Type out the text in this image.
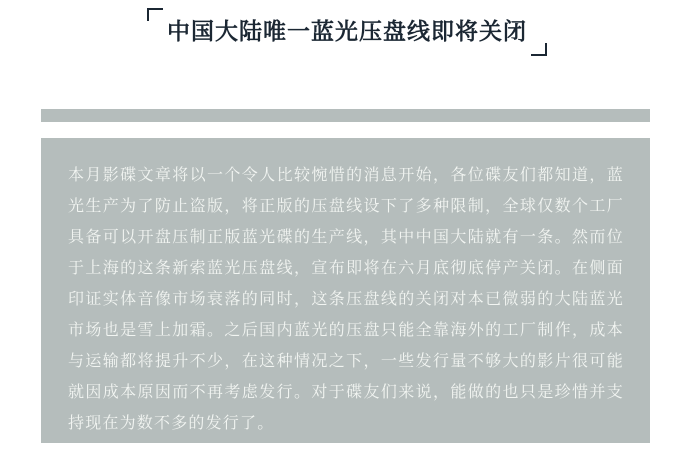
中国大陆唯一蓝光压盘线即将关闭

本月影碟文章将以一个令人比较惋惜的消息开始，各位碟友们都知道，蓝光生产为了防止盗版，将正版的压盘线设下了多种限制，全球仅数个工厂具备可以开盘压制正版蓝光碟的生产线，其中中国大陆就有一条。然而位于上海的这条新索蓝光压盘线，宣布即将在六月底彻底停产关闭。在侧面印证实体音像市场衰落的同时，这条压盘线的关闭对本已微弱的大陆蓝光市场也是雪上加霜。之后国内蓝光的压盘只能全靠海外的工厂制作，成本与运输都将提升不少，在这种情况之下，一些发行量不够大的影片很可能就因成本原因而不再考虑发行。对于碟友们来说，能做的也只是珍惜并支持现在为数不多的发行了。
